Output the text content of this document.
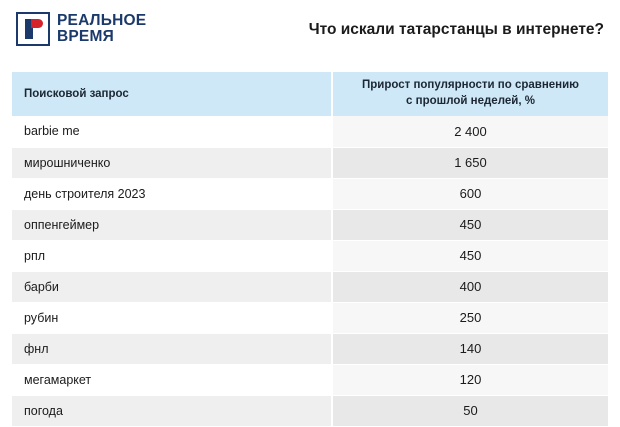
РЕАЛЬНОЕ
ВРЕМЯ	Что искали татарстанцы в интернете?
Поисковой запрос	Прирост популярности по сравнению
с прошлой неделей, %
barbie me	2 400
мирошниченко	1 650
день строителя 2023	600
оппенгеймер	450
рпл	450
барби	400
рубин	250
фнл	140
мегамаркет	120
погода	50
